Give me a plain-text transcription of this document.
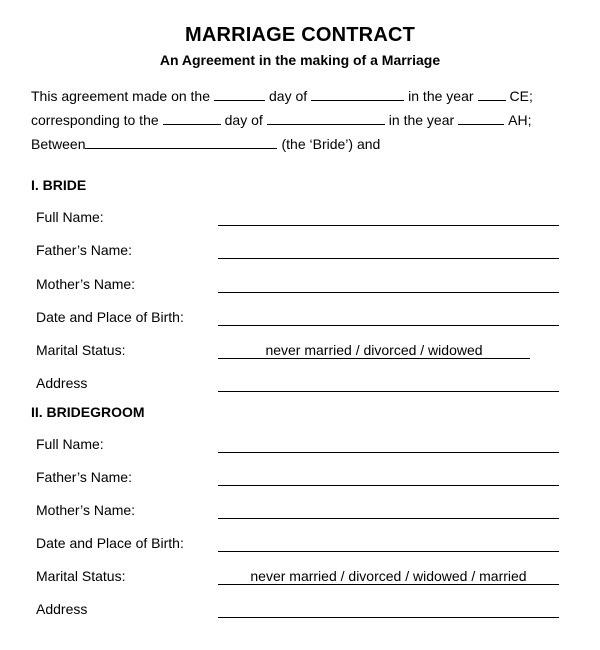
MARRIAGE CONTRACT
An Agreement in the making of a Marriage
This agreement made on the	day of	in the year	CE;
corresponding to the	day of	in the year	AH;
Between	(the ‘Bride’) and
I. BRIDE
Full Name:
Father’s Name:
Mother’s Name:
Date and Place of Birth:
Marital Status:	never married / divorced / widowed
Address
II. BRIDEGROOM
Full Name:
Father’s Name:
Mother’s Name:
Date and Place of Birth:
Marital Status:	never married / divorced / widowed / married
Address
